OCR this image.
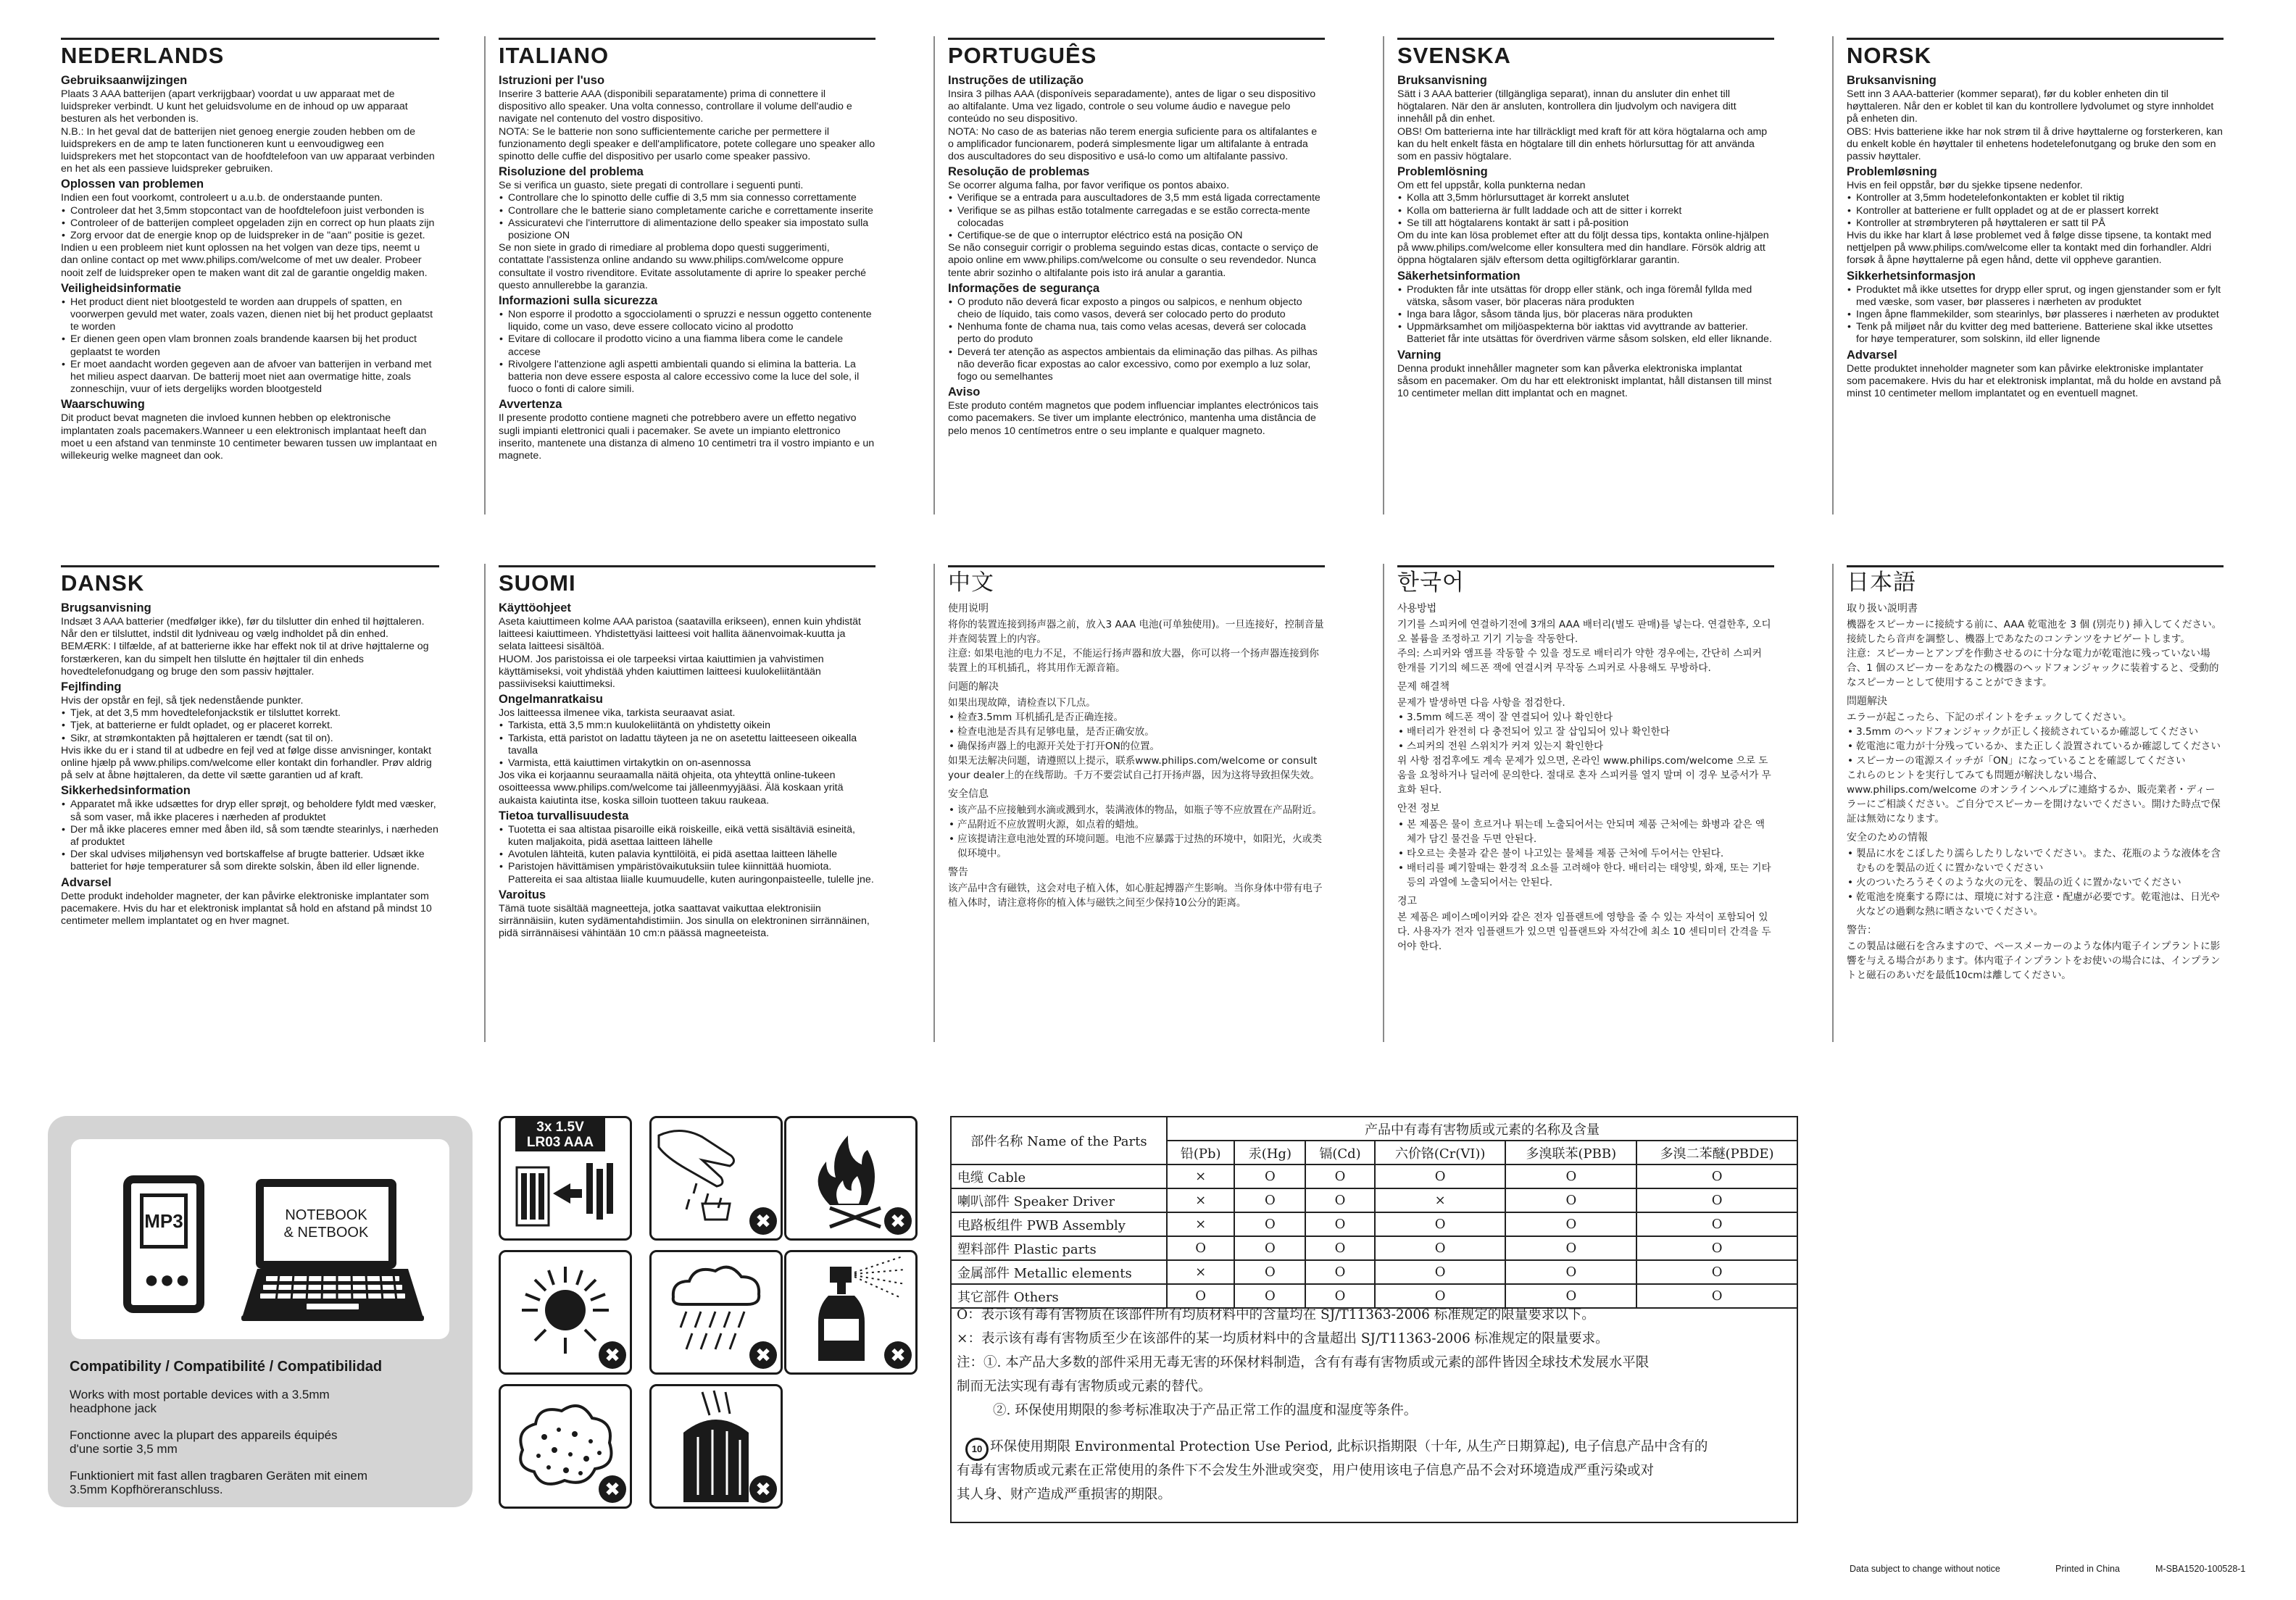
NEDERLANDS
Gebruiksaanwijzingen

Plaats 3 AAA batterijen (apart verkrijgbaar) voordat u uw apparaat met de luidspreker verbindt. U kunt het geluidsvolume en de inhoud op uw apparaat besturen als het verbonden is.

N.B.: In het geval dat de batterijen niet genoeg energie zouden hebben om de luidsprekers en de amp te laten functioneren kunt u eenvoudigweg een luidsprekers met het stopcontact van de hoofdtelefoon van uw apparaat verbinden en het als een passieve luidspreker gebruiken.

Oplossen van problemen

Indien een fout voorkomt, controleert u a.u.b. de onderstaande punten.

• Controleer dat het 3,5mm stopcontact van de hoofdtelefoon juist verbonden is
• Controleer of de batterijen compleet opgeladen zijn en correct op hun plaats zijn
• Zorg ervoor dat de energie knop op de luidspreker in de "aan" positie is gezet.

Indien u een probleem niet kunt oplossen na het volgen van deze tips, neemt u dan online contact op met www.philips.com/welcome of met uw dealer. Probeer nooit zelf de luidspreker open te maken want dit zal de garantie ongeldig maken.

Veiligheidsinformatie
• Het product dient niet blootgesteld te worden aan druppels of spatten, en voorwerpen gevuld met water, zoals vazen, dienen niet bij het product geplaatst te worden
• Er dienen geen open vlam bronnen zoals brandende kaarsen bij het product geplaatst te worden
• Er moet aandacht worden gegeven aan de afvoer van batterijen in verband met het milieu aspect daarvan. De batterij moet niet aan overmatige hitte, zoals zonneschijn, vuur of iets dergelijks worden blootgesteld
Waarschuwing

Dit product bevat magneten die invloed kunnen hebben op elektronische implantaten zoals pacemakers.Wanneer u een elektronisch implantaat heeft dan moet u een afstand van tenminste 10 centimeter bewaren tussen uw implantaat en willekeurig welke magneet dan ook.

ITALIANO
Istruzioni per l'uso

Inserire 3 batterie AAA (disponibili separatamente) prima di connettere il dispositivo allo speaker. Una volta connesso, controllare il volume dell'audio e navigate nel contenuto del vostro dispositivo.

NOTA: Se le batterie non sono sufficientemente cariche per permettere il funzionamento degli speaker e dell'amplificatore, potete collegare uno speaker allo spinotto delle cuffie del dispositivo per usarlo come speaker passivo.

Risoluzione del problema

Se si verifica un guasto, siete pregati di controllare i seguenti punti.

• Controllare che lo spinotto delle cuffie di 3,5 mm sia connesso correttamente
• Controllare che le batterie siano completamente cariche e correttamente inserite
• Assicuratevi che l'interruttore di alimentazione dello speaker sia impostato sulla posizione ON

Se non siete in grado di rimediare al problema dopo questi suggerimenti, contattate l'assistenza online andando su www.philips.com/welcome oppure consultate il vostro rivenditore. Evitate assolutamente di aprire lo speaker perché questo annullerebbe la garanzia.

Informazioni sulla sicurezza
• Non esporre il prodotto a sgocciolamenti o spruzzi e nessun oggetto contenente liquido, come un vaso, deve essere collocato vicino al prodotto
• Evitare di collocare il prodotto vicino a una fiamma libera come le candele accese
• Rivolgere l'attenzione agli aspetti ambientali quando si elimina la batteria. La batteria non deve essere esposta al calore eccessivo come la luce del sole, il fuoco o fonti di calore simili.
Avvertenza

Il presente prodotto contiene magneti che potrebbero avere un effetto negativo sugli impianti elettronici quali i pacemaker. Se avete un impianto elettronico inserito, mantenete una distanza di almeno 10 centimetri tra il vostro impianto e un magnete.

PORTUGUÊS
Instruções de utilização

Insira 3 pilhas AAA (disponíveis separadamente), antes de ligar o seu dispositivo ao altifalante. Uma vez ligado, controle o seu volume áudio e navegue pelo conteúdo no seu dispositivo.

NOTA: No caso de as baterias não terem energia suficiente para os altifalantes e o amplificador funcionarem, poderá simplesmente ligar um altifalante à entrada dos auscultadores do seu dispositivo e usá-lo como um altifalante passivo.

Resolução de problemas

Se ocorrer alguma falha, por favor verifique os pontos abaixo.

• Verifique se a entrada para auscultadores de 3,5 mm está ligada correctamente
• Verifique se as pilhas estão totalmente carregadas e se estão correcta-mente colocadas
• Certifique-se de que o interruptor eléctrico está na posição ON

Se não conseguir corrigir o problema seguindo estas dicas, contacte o serviço de apoio online em www.philips.com/welcome ou consulte o seu revendedor. Nunca tente abrir sozinho o altifalante pois isto irá anular a garantia.

Informações de segurança
• O produto não deverá ficar exposto a pingos ou salpicos, e nenhum objecto cheio de líquido, tais como vasos, deverá ser colocado perto do produto
• Nenhuma fonte de chama nua, tais como velas acesas, deverá ser colocada perto do produto
• Deverá ter atenção as aspectos ambientais da eliminação das pilhas. As pilhas não deverão ficar expostas ao calor excessivo, como por exemplo a luz solar, fogo ou semelhantes
Aviso

Este produto contém magnetos que podem influenciar implantes electrónicos tais como pacemakers. Se tiver um implante electrónico, mantenha uma distância de pelo menos 10 centímetros entre o seu implante e qualquer magneto.

SVENSKA
Bruksanvisning

Sätt i 3 AAA batterier (tillgängliga separat), innan du ansluter din enhet till högtalaren. När den är ansluten, kontrollera din ljudvolym och navigera ditt innehåll på din enhet.

OBS! Om batterierna inte har tillräckligt med kraft för att köra högtalarna och amp kan du helt enkelt fästa en högtalare till din enhets hörlursuttag för att använda som en passiv högtalare.

Problemlösning

Om ett fel uppstår, kolla punkterna nedan

• Kolla att 3,5mm hörlursuttaget är korrekt anslutet
• Kolla om batterierna är fullt laddade och att de sitter i korrekt
• Se till att högtalarens kontakt är satt i på-position

Om du inte kan lösa problemet efter att du följt dessa tips, kontakta online-hjälpen på www.philips.com/welcome eller konsultera med din handlare. Försök aldrig att öppna högtalaren själv eftersom detta ogiltigförklarar garantin.

Säkerhetsinformation
• Produkten får inte utsättas för dropp eller stänk, och inga föremål fyllda med vätska, såsom vaser, bör placeras nära produkten
• Inga bara lågor, såsom tända ljus, bör placeras nära produkten
• Uppmärksamhet om miljöaspekterna bör iakttas vid avyttrande av batterier. Batteriet får inte utsättas för överdriven värme såsom solsken, eld eller liknande.
Varning

Denna produkt innehåller magneter som kan påverka elektroniska implantat såsom en pacemaker. Om du har ett elektroniskt implantat, håll distansen till minst 10 centimeter mellan ditt implantat och en magnet.

NORSK
Bruksanvisning

Sett inn 3 AAA-batterier (kommer separat), før du kobler enheten din til høyttaleren. Når den er koblet til kan du kontrollere lydvolumet og styre innholdet på enheten din.

OBS: Hvis batteriene ikke har nok strøm til å drive høyttalerne og forsterkeren, kan du enkelt koble én høyttaler til enhetens hodetelefonutgang og bruke den som en passiv høyttaler.

Problemløsning

Hvis en feil oppstår, bør du sjekke tipsene nedenfor.

• Kontroller at 3,5mm hodetelefonkontakten er koblet til riktig
• Kontroller at batteriene er fullt oppladet og at de er plassert korrekt
• Kontroller at strømbryteren på høyttaleren er satt til PÅ

Hvis du ikke har klart å løse problemet ved å følge disse tipsene, ta kontakt med nettjelpen på www.philips.com/welcome eller ta kontakt med din forhandler. Aldri forsøk å åpne høyttalerne på egen hånd, dette vil oppheve garantien.

Sikkerhetsinformasjon
• Produktet må ikke utsettes for drypp eller sprut, og ingen gjenstander som er fylt med væske, som vaser, bør plasseres i nærheten av produktet
• Ingen åpne flammekilder, som stearinlys, bør plasseres i nærheten av produktet
• Tenk på miljøet når du kvitter deg med batteriene. Batteriene skal ikke utsettes for høye temperaturer, som solskinn, ild eller lignende
Advarsel

Dette produktet inneholder magneter som kan påvirke elektroniske implantater som pacemakere. Hvis du har et elektronisk implantat, må du holde en avstand på minst 10 centimeter mellom implantatet og en eventuell magnet.

DANSK
Brugsanvisning

Indsæt 3 AAA batterier (medfølger ikke), før du tilslutter din enhed til højttaleren. Når den er tilsluttet, indstil dit lydniveau og vælg indholdet på din enhed.

BEMÆRK: I tilfælde, af at batterierne ikke har effekt nok til at drive højttalerne og forstærkeren, kan du simpelt hen tilslutte én højttaler til din enheds hovedtelefonudgang og bruge den som passiv højttaler.

Fejlfinding

Hvis der opstår en fejl, så tjek nedenstående punkter.

• Tjek, at det 3,5 mm hovedtelefonjackstik er tilsluttet korrekt.
• Tjek, at batterierne er fuldt opladet, og er placeret korrekt.
• Sikr, at strømkontakten på højttaleren er tændt (sat til on).

Hvis ikke du er i stand til at udbedre en fejl ved at følge disse anvisninger, kontakt online hjælp på www.philips.com/welcome eller kontakt din forhandler. Prøv aldrig på selv at åbne højttaleren, da dette vil sætte garantien ud af kraft.

Sikkerhedsinformation
• Apparatet må ikke udsættes for dryp eller sprøjt, og beholdere fyldt med væsker, så som vaser, må ikke placeres i nærheden af produktet
• Der må ikke placeres emner med åben ild, så som tændte stearinlys, i nærheden af produktet
• Der skal udvises miljøhensyn ved bortskaffelse af brugte batterier. Udsæt ikke batteriet for høje temperaturer så som direkte solskin, åben ild eller lignende.
Advarsel

Dette produkt indeholder magneter, der kan påvirke elektroniske implantater som pacemakere. Hvis du har et elektronisk implantat så hold en afstand på mindst 10 centimeter mellem implantatet og en hver magnet.

SUOMI
Käyttöohjeet

Aseta kaiuttimeen kolme AAA paristoa (saatavilla erikseen), ennen kuin yhdistät laitteesi kaiuttimeen. Yhdistettyäsi laitteesi voit hallita äänenvoimak-kuutta ja selata laitteesi sisältöä.

HUOM. Jos paristoissa ei ole tarpeeksi virtaa kaiuttimien ja vahvistimen käyttämiseksi, voit yhdistää yhden kaiuttimen laitteesi kuulokeliitäntään passiiviseksi kaiuttimeksi.

Ongelmanratkaisu

Jos laitteessa ilmenee vika, tarkista seuraavat asiat.

• Tarkista, että 3,5 mm:n kuulokeliitäntä on yhdistetty oikein
• Tarkista, että paristot on ladattu täyteen ja ne on asetettu laitteeseen oikealla tavalla
• Varmista, että kaiuttimen virtakytkin on on-asennossa

Jos vika ei korjaannu seuraamalla näitä ohjeita, ota yhteyttä online-tukeen osoitteessa www.philips.com/welcome tai jälleenmyyjääsi. Älä koskaan yritä aukaista kaiutinta itse, koska silloin tuotteen takuu raukeaa.

Tietoa turvallisuudesta
• Tuotetta ei saa altistaa pisaroille eikä roiskeille, eikä vettä sisältäviä esineitä, kuten maljakoita, pidä asettaa laitteen lähelle
• Avotulen lähteitä, kuten palavia kynttilöitä, ei pidä asettaa laitteen lähelle
• Paristojen hävittämisen ympäristövaikutuksiin tulee kiinnittää huomiota. Pattereita ei saa altistaa liialle kuumuudelle, kuten auringonpaisteelle, tulelle jne.
Varoitus

Tämä tuote sisältää magneetteja, jotka saattavat vaikuttaa elektronisiin sirrännäisiin, kuten sydämentahdistimiin. Jos sinulla on elektroninen sirrännäinen, pidä sirrännäisesi vähintään 10 cm:n päässä magneeteista.

中文
使用说明

将你的装置连接到扬声器之前，放入3 AAA 电池(可单独使用)。一旦连接好，控制音量并查阅装置上的内容。

注意: 如果电池的电力不足，不能运行扬声器和放大器，你可以将一个扬声器连接到你装置上的耳机插孔，将其用作无源音箱。

问题的解决

如果出现故障，请检查以下几点。

• 检查3.5mm 耳机插孔是否正确连接。
• 检查电池是否具有足够电量，是否正确安放。
• 确保扬声器上的电源开关处于打开ON的位置。

如果无法解决问题，请遵照以上提示，联系www.philips.com/welcome or consult your dealer上的在线帮助。千万不要尝试自己打开扬声器，因为这将导致担保失效。

安全信息
• 该产品不应接触到水滴或溅到水，装满液体的物品，如瓶子等不应放置在产品附近。
• 产品附近不应放置明火源，如点着的蜡烛。
• 应该提请注意电池处置的环境问题。电池不应暴露于过热的环境中，如阳光，火或类似环境中。
警告

该产品中含有磁铁，这会对电子植入体，如心脏起搏器产生影响。当你身体中带有电子植入体时，请注意将你的植入体与磁铁之间至少保持10公分的距离。

한국어
사용방법

기기를 스피커에 연결하기전에 3개의 AAA 배터리(별도 판매)를 넣는다. 연결한후, 오디오 볼륨을 조정하고 기기 기능을 작동한다.

주의: 스피커와 앰프를 작동할 수 있을 정도로 배터리가 약한 경우에는, 간단히 스피커 한개를 기기의 헤드폰 잭에 연결시켜 무작동 스피커로 사용해도 무방하다.

문제 해결책

문제가 발생하면 다음 사항을 점검한다.

• 3.5mm 헤드폰 잭이 잘 연결되어 있나 확인한다
• 배터리가 완전히 다 충전되어 있고 잘 삽입되어 있나 확인한다
• 스피커의 전원 스위치가 커져 있는지 확인한다

위 사항 점검후에도 계속 문제가 있으면, 온라인 www.philips.com/welcome 으로 도움을 요청하거나 딜러에 문의한다. 절대로 혼자 스피커를 열지 말며 이 경우 보증서가 무효화 된다.

안전 정보
• 본 제품은 물이 흐르거나 튀는데 노출되어서는 안되며 제품 근처에는 화병과 같은 액체가 담긴 물건을 두면 안된다.
• 타오르는 촛불과 같은 불이 나고있는 물체를 제품 근처에 두어서는 안된다.
• 배터리를 폐기할때는 환경적 요소를 고려해야 한다. 배터리는 태양빛, 화재, 또는 기타등의 과열에 노출되어서는 안된다.
경고

본 제품은 페이스메이커와 같은 전자 임플랜트에 영향을 줄 수 있는 자석이 포함되어 있다. 사용자가 전자 임플랜트가 있으면 임플랜트와 자석간에 최소 10 센티미터 간격을 두어야 한다.

日本語
取り扱い説明書

機器をスピーカーに接続する前に、AAA 乾電池を 3 個 (別売り) 挿入してください。接続したら音声を調整し、機器上であなたのコンテンツをナビゲートします。

注意：スピーカーとアンプを作動させるのに十分な電力が乾電池に残っていない場合、1 個のスピーカーをあなたの機器のヘッドフォンジャックに装着すると、受動的なスピーカーとして使用することができます。

問題解決

エラーが起こったら、下記のポイントをチェックしてください。

• 3.5mm のヘッドフォンジャックが正しく接続されているか確認してください
• 乾電池に電力が十分残っているか、また正しく設置されているか確認してください
• スピーカーの電源スイッチが「ON」になっていることを確認してください

これらのヒントを実行してみても問題が解決しない場合、www.philips.com/welcome のオンラインヘルプに連絡するか、販売業者・ディーラーにご相談ください。ご自分でスピーカーを開けないでください。開けた時点で保証は無効になります。

安全のための情報
• 製品に水をこぼしたり濡らしたりしないでください。また、花瓶のような液体を含むものを製品の近くに置かないでください
• 火のついたろうそくのような火の元を、製品の近くに置かないでください
• 乾電池を廃棄する際には、環境に対する注意・配慮が必要です。乾電池は、日光や火などの過剰な熱に晒さないでください。
警告：

この製品は磁石を含みますので、ペースメーカーのような体内電子インプラントに影響を与える場合があります。体内電子インプラントをお使いの場合には、インプラントと磁石のあいだを最低10cmは離してください。

MP3
●●●
NOTEBOOK
& NETBOOK
Compatibility / Compatibilité / Compatibilidad
Works with most portable devices with a 3.5mm headphone jack
Fonctionne avec la plupart des appareils équipés d'une sortie 3,5 mm
Funktioniert mit fast allen tragbaren Geräten mit einem 3.5mm Kopfhöreranschluss.
3x 1.5V
LR03 AAA
✖	✖
✖	✖	✖
✖	✖
部件名称 Name of the Parts	产品中有毒有害物质或元素的名称及含量					
	铅(Pb)	汞(Hg)	镉(Cd)	六价铬(Cr(VI))	多溴联苯(PBB)	多溴二苯醚(PBDE)
电缆 Cable	×	O	O	O	O	O
喇叭部件 Speaker Driver	×	O	O	×	O	O
电路板组件 PWB Assembly	×	O	O	O	O	O
塑料部件 Plastic parts	O	O	O	O	O	O
金属部件 Metallic elements	×	O	O	O	O	O
其它部件 Others	O	O	O	O	O	O
O：表示该有毒有害物质在该部件所有均质材料中的含量均在 SJ/T11363-2006 标准规定的限量要求以下。
×：表示该有毒有害物质至少在该部件的某一均质材料中的含量超出 SJ/T11363-2006 标准规定的限量要求。
注：①. 本产品大多数的部件采用无毒无害的环保材料制造，含有有毒有害物质或元素的部件皆因全球技术发展水平限
制而无法实现有毒有害物质或元素的替代。
②. 环保使用期限的参考标准取决于产品正常工作的温度和湿度等条件。
10 环保使用期限 Environmental Protection Use Period, 此标识指期限（十年, 从生产日期算起), 电子信息产品中含有的
有毒有害物质或元素在正常使用的条件下不会发生外泄或突变，用户使用该电子信息产品不会对环境造成严重污染或对
其人身、财产造成严重损害的期限。
Data subject to change without notice	Printed in China	M-SBA1520-100528-1
